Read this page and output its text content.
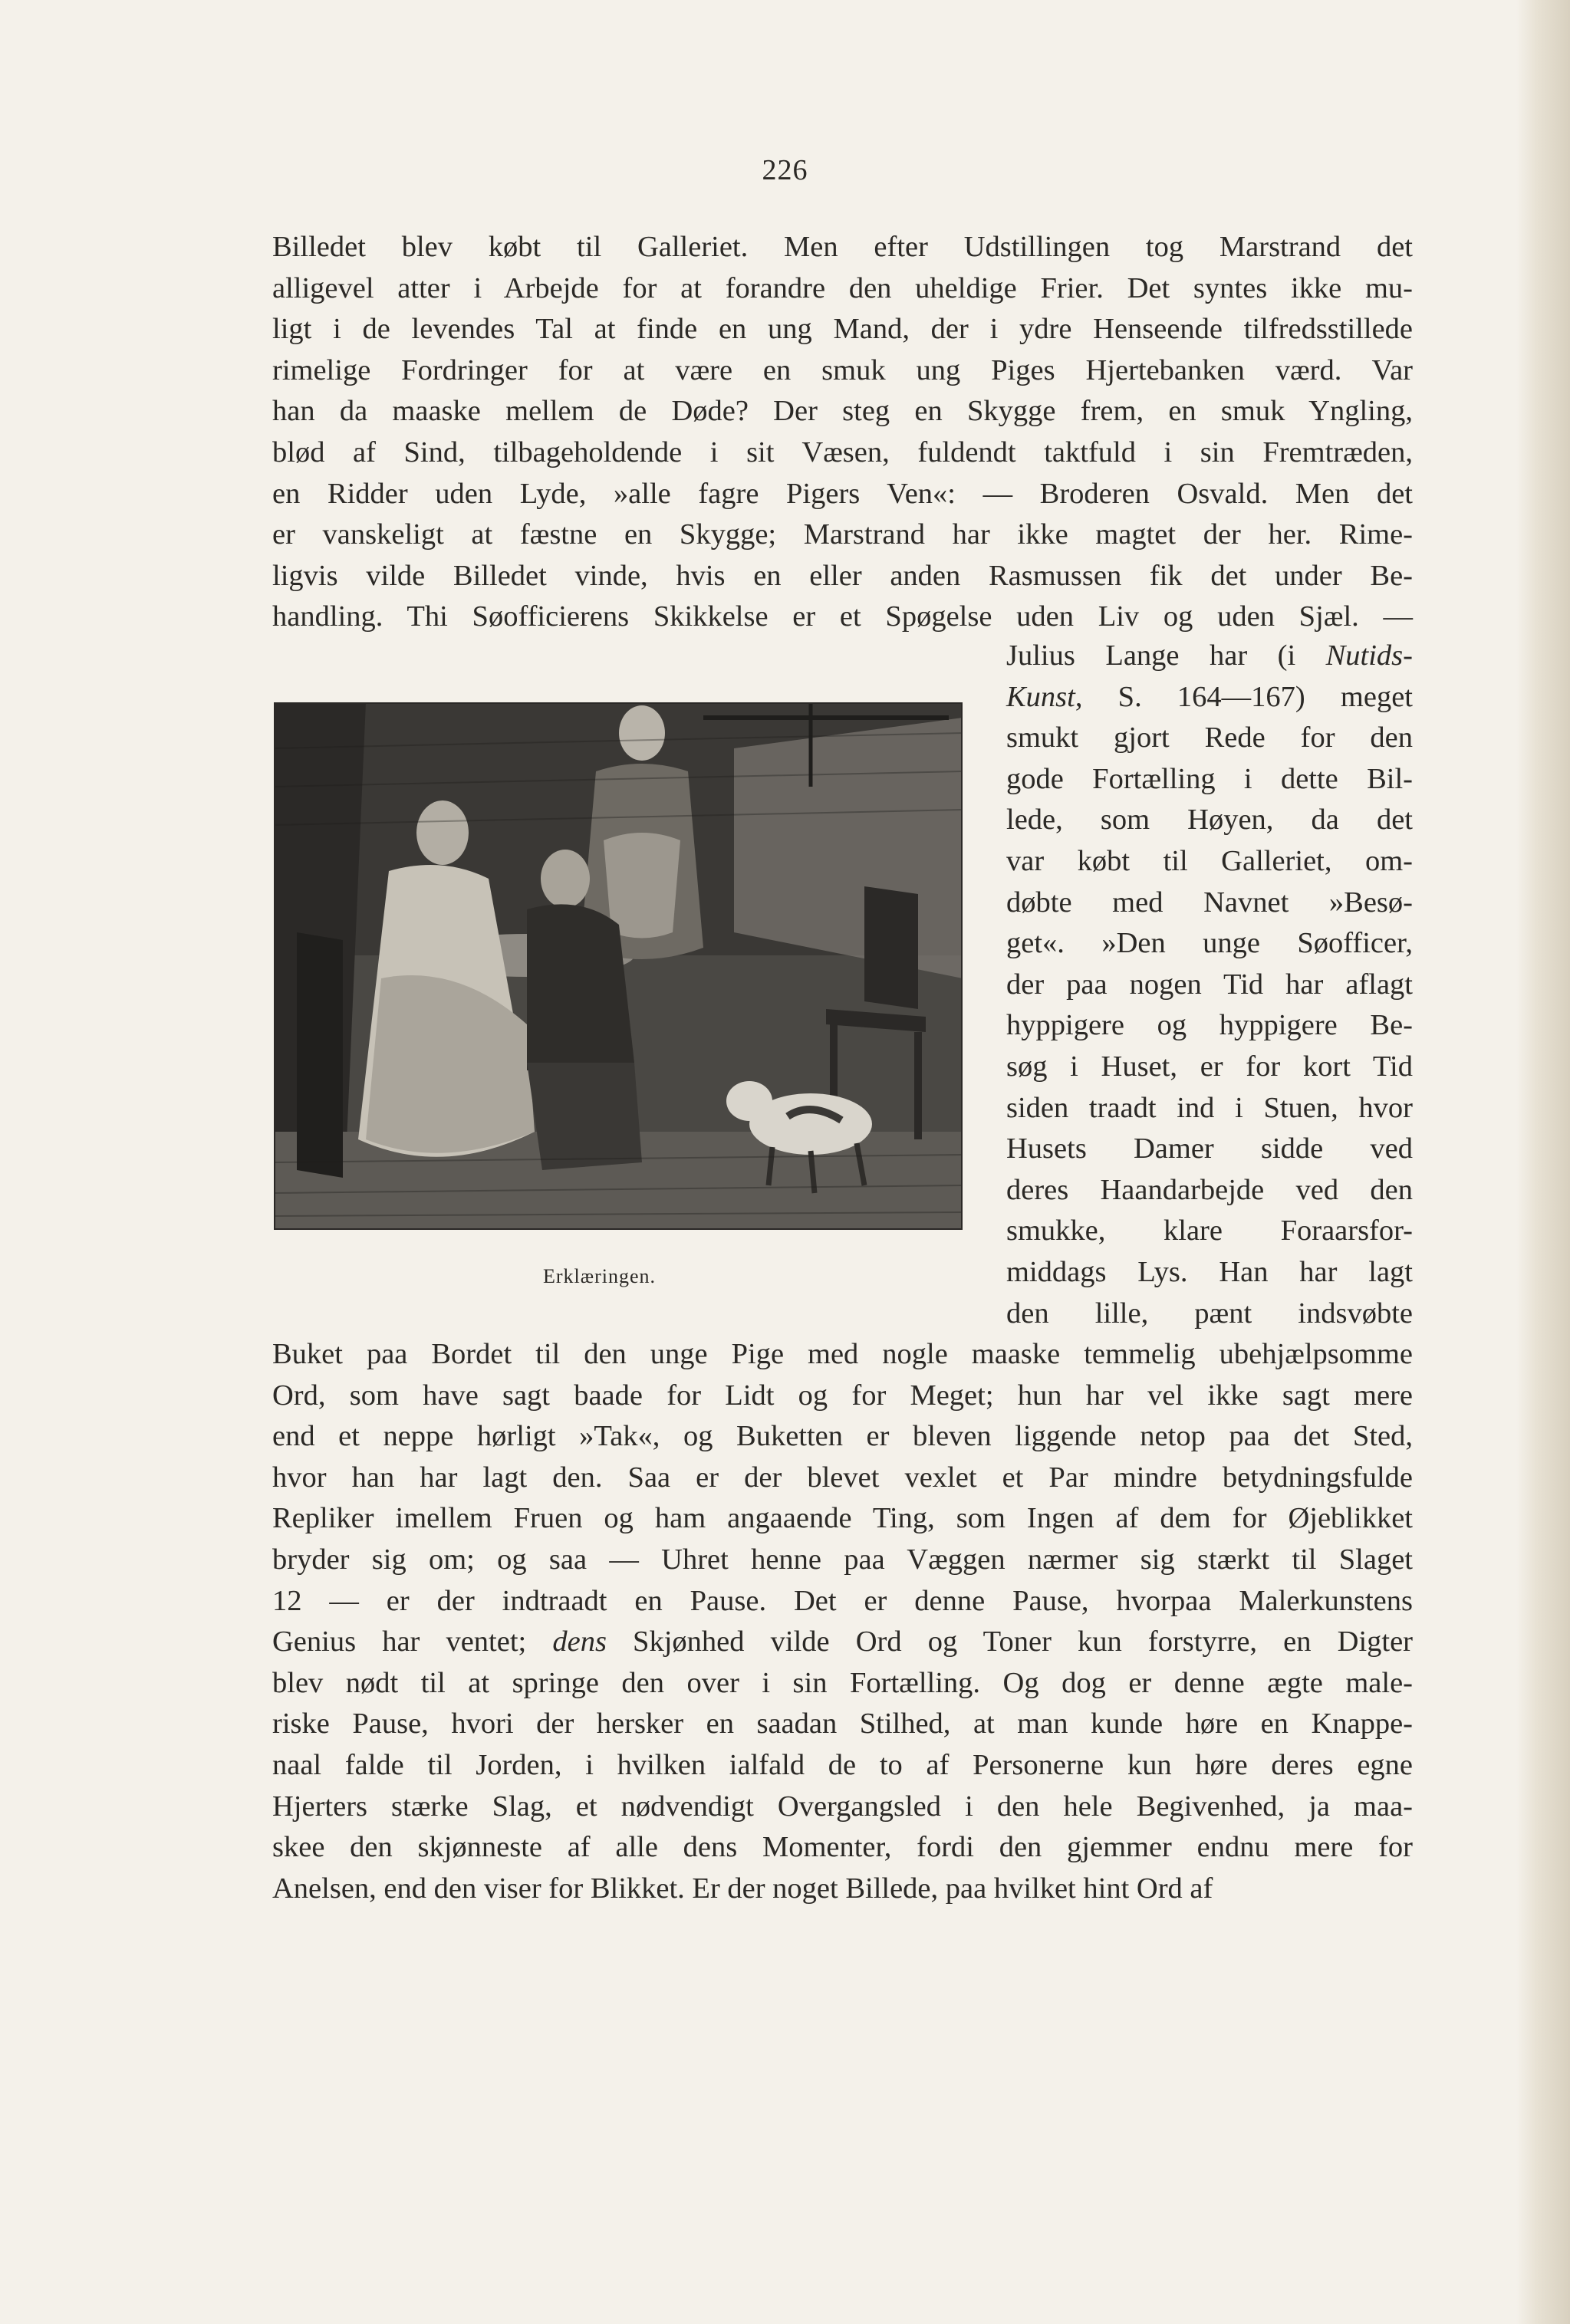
226
Billedet blev købt til Galleriet. Men efter Udstillingen tog Marstrand det
alligevel atter i Arbejde for at forandre den uheldige Frier. Det syntes ikke mu-
ligt i de levendes Tal at finde en ung Mand, der i ydre Henseende tilfredsstillede
rimelige Fordringer for at være en smuk ung Piges Hjertebanken værd. Var
han da maaske mellem de Døde? Der steg en Skygge frem, en smuk Yngling,
blød af Sind, tilbageholdende i sit Væsen, fuldendt taktfuld i sin Fremtræden,
en Ridder uden Lyde, »alle fagre Pigers Ven«: — Broderen Osvald. Men det
er vanskeligt at fæstne en Skygge; Marstrand har ikke magtet der her. Rime-
ligvis vilde Billedet vinde, hvis en eller anden Rasmussen fik det under Be-
handling. Thi Søofficierens Skikkelse er et Spøgelse uden Liv og uden Sjæl. —
Julius Lange har (i Nutids-
Kunst, S. 164—167) meget
smukt gjort Rede for den
gode Fortælling i dette Bil-
lede, som Høyen, da det
var købt til Galleriet, om-
døbte med Navnet »Besø-
get«. »Den unge Søofficer,
der paa nogen Tid har aflagt
hyppigere og hyppigere Be-
søg i Huset, er for kort Tid
siden traadt ind i Stuen, hvor
Husets Damer sidde ved
deres Haandarbejde ved den
smukke, klare Foraarsfor-
middags Lys. Han har lagt
den lille, pænt indsvøbte
Erklæringen.
Buket paa Bordet til den unge Pige med nogle maaske temmelig ubehjælpsomme
Ord, som have sagt baade for Lidt og for Meget; hun har vel ikke sagt mere
end et neppe hørligt »Tak«, og Buketten er bleven liggende netop paa det Sted,
hvor han har lagt den. Saa er der blevet vexlet et Par mindre betydningsfulde
Repliker imellem Fruen og ham angaaende Ting, som Ingen af dem for Øjeblikket
bryder sig om; og saa — Uhret henne paa Væggen nærmer sig stærkt til Slaget
12 — er der indtraadt en Pause. Det er denne Pause, hvorpaa Malerkunstens
Genius har ventet; dens Skjønhed vilde Ord og Toner kun forstyrre, en Digter
blev nødt til at springe den over i sin Fortælling. Og dog er denne ægte male-
riske Pause, hvori der hersker en saadan Stilhed, at man kunde høre en Knappe-
naal falde til Jorden, i hvilken ialfald de to af Personerne kun høre deres egne
Hjerters stærke Slag, et nødvendigt Overgangsled i den hele Begivenhed, ja maa-
skee den skjønneste af alle dens Momenter, fordi den gjemmer endnu mere for
Anelsen, end den viser for Blikket. Er der noget Billede, paa hvilket hint Ord af
